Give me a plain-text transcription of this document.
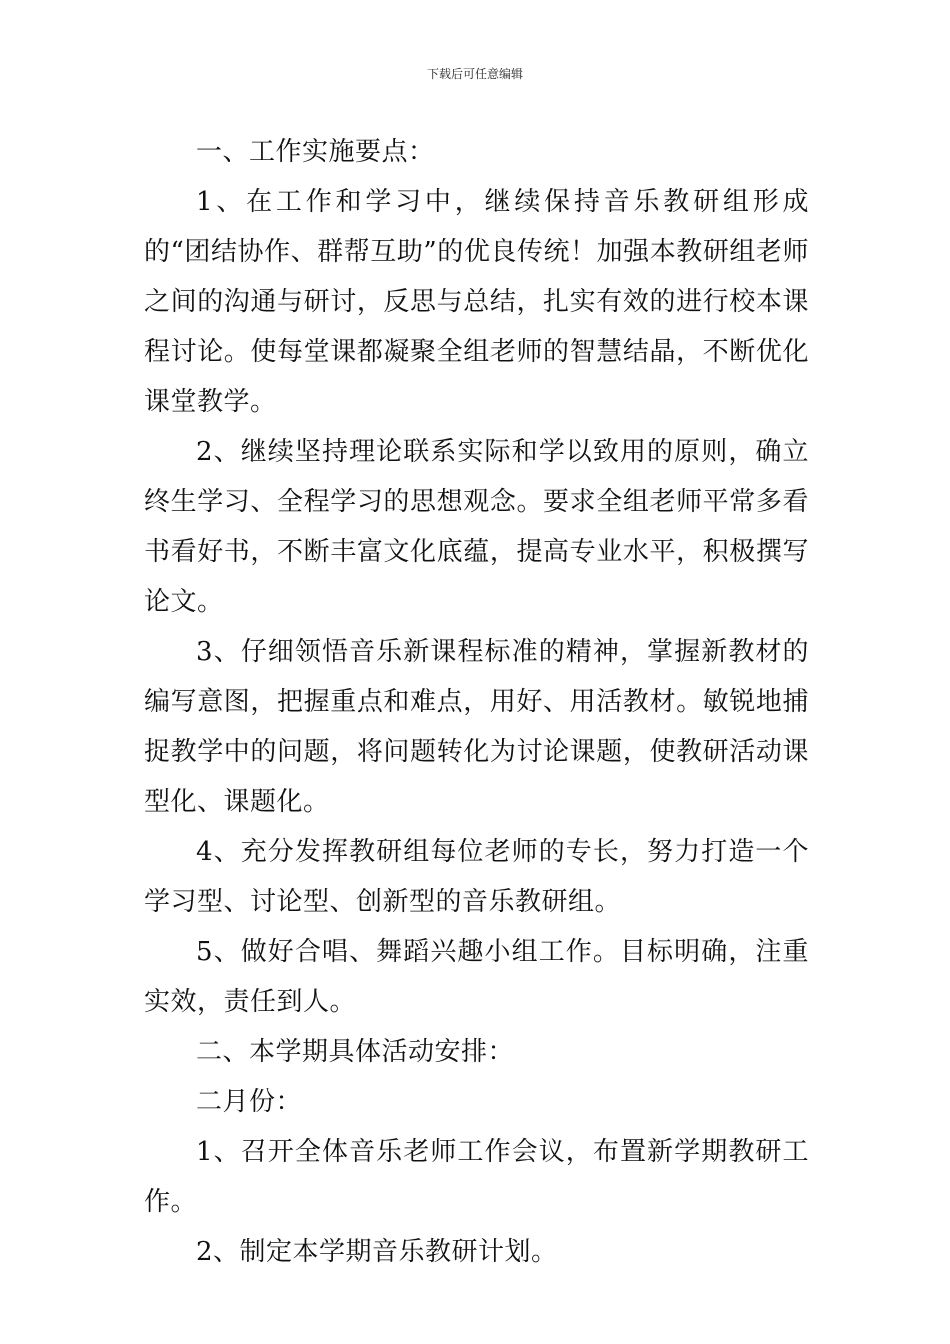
下载后可任意编辑

一、工作实施要点：

1、在工作和学习中，继续保持音乐教研组形成的“团结协作、群帮互助”的优良传统！加强本教研组老师之间的沟通与研讨，反思与总结，扎实有效的进行校本课程讨论。使每堂课都凝聚全组老师的智慧结晶，不断优化课堂教学。

2、继续坚持理论联系实际和学以致用的原则，确立终生学习、全程学习的思想观念。要求全组老师平常多看书看好书，不断丰富文化底蕴，提高专业水平，积极撰写论文。

3、仔细领悟音乐新课程标准的精神，掌握新教材的编写意图，把握重点和难点，用好、用活教材。敏锐地捕捉教学中的问题，将问题转化为讨论课题，使教研活动课型化、课题化。

4、充分发挥教研组每位老师的专长，努力打造一个学习型、讨论型、创新型的音乐教研组。

5、做好合唱、舞蹈兴趣小组工作。目标明确，注重实效，责任到人。

二、本学期具体活动安排：

二月份：

1、召开全体音乐老师工作会议，布置新学期教研工作。

2、制定本学期音乐教研计划。
